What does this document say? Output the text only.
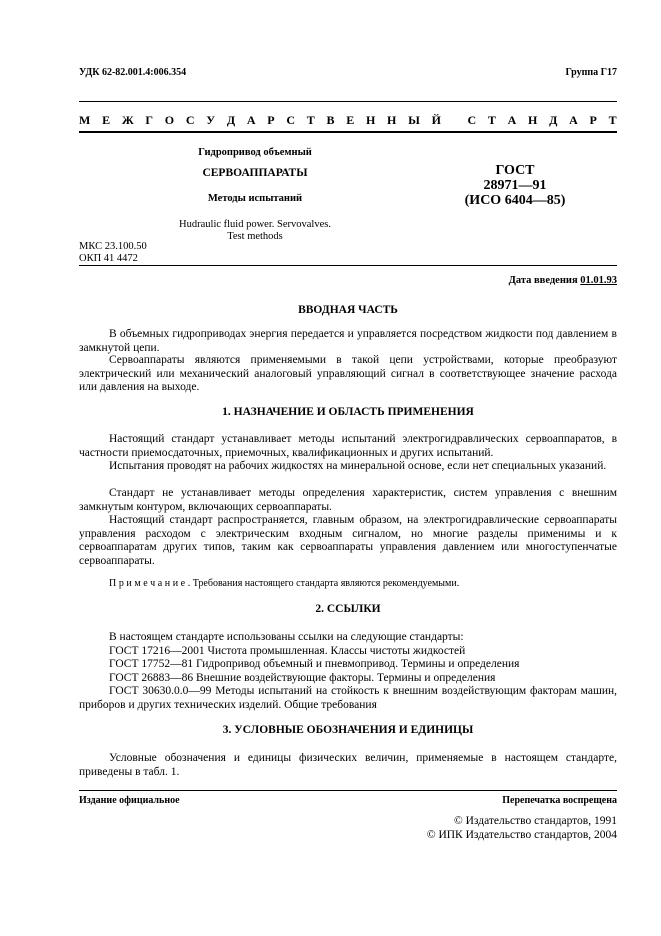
УДК 62-82.001.4:006.354	Группа Г17
М Е Ж Г О С У Д А Р С Т В Е Н Н Ы Й
С Т А Н Д А Р Т
Гидропривод объемный
СЕРВОАППАРАТЫ
Методы испытаний
Hudraulic fluid power. Servovalves.
Test methods
ГОСТ
28971—91
(ИСО 6404—85)
МКС 23.100.50
ОКП 41 4472
Дата введения 01.01.93
ВВОДНАЯ ЧАСТЬ

В объемных гидроприводах энергия передается и управляется посредством жидкости под давлением в замкнутой цепи.

Сервоаппараты являются применяемыми в такой цепи устройствами, которые преобразуют электрический или механический аналоговый управляющий сигнал в соответствующее значение расхода или давления на выходе.

1. НАЗНАЧЕНИЕ И ОБЛАСТЬ ПРИМЕНЕНИЯ

Настоящий стандарт устанавливает методы испытаний электрогидравлических сервоаппаратов, в частности приемосдаточных, приемочных, квалификационных и других испытаний.

Испытания проводят на рабочих жидкостях на минеральной основе, если нет специальных указаний.

Стандарт не устанавливает методы определения характеристик, систем управления с внешним замкнутым контуром, включающих сервоаппараты.

Настоящий стандарт распространяется, главным образом, на электрогидравлические сервоаппараты управления расходом с электрическим входным сигналом, но многие разделы применимы и к сервоаппаратам других типов, таким как сервоаппараты управления давлением или многоступенчатые сервоаппараты.

Примечание. Требования настоящего стандарта являются рекомендуемыми.

2. ССЫЛКИ
В настоящем стандарте использованы ссылки на следующие стандарты:
ГОСТ 17216—2001 Чистота промышленная. Классы чистоты жидкостей
ГОСТ 17752—81 Гидропривод объемный и пневмопривод. Термины и определения
ГОСТ 26883—86 Внешние воздействующие факторы. Термины и определения
ГОСТ 30630.0.0—99 Методы испытаний на стойкость к внешним воздействующим факторам машин, приборов и других технических изделий. Общие требования
3. УСЛОВНЫЕ ОБОЗНАЧЕНИЯ И ЕДИНИЦЫ

Условные обозначения и единицы физических величин, применяемые в настоящем стандарте, приведены в табл. 1.

Издание официальное	Перепечатка воспрещена
© Издательство стандартов, 1991
© ИПК Издательство стандартов, 2004
